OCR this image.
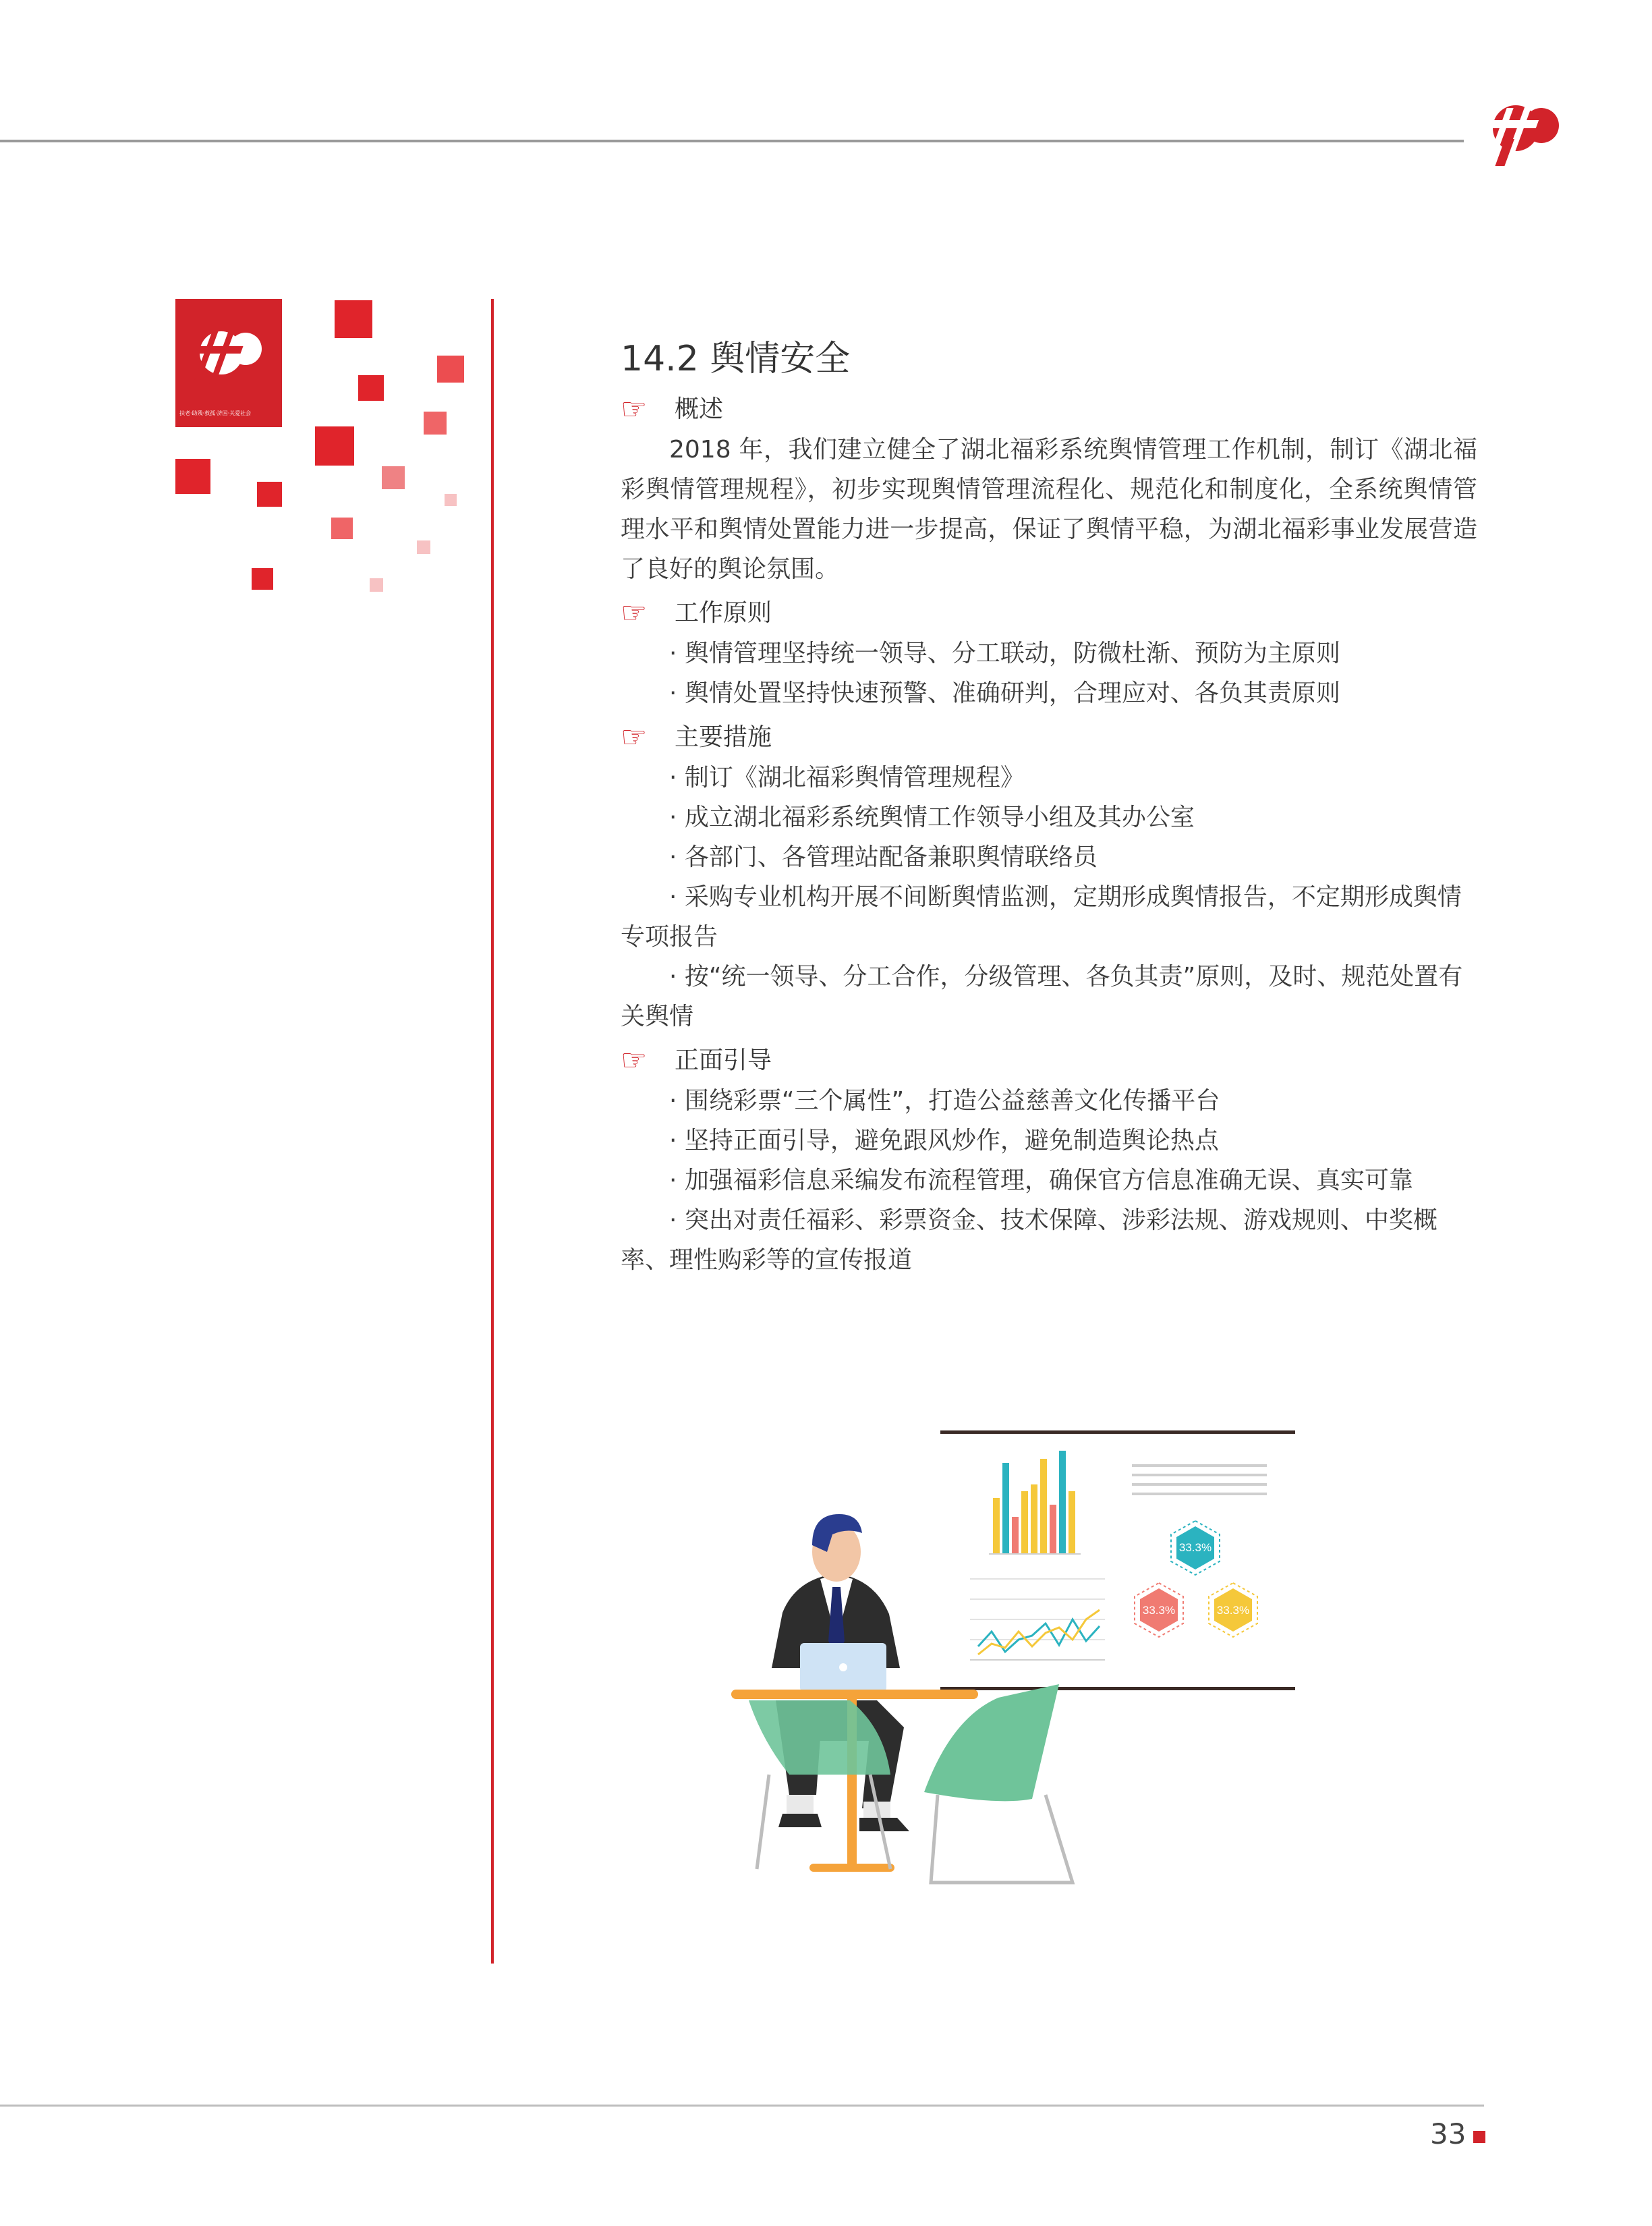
扶老·助残·救孤·济困·关爱社会
14.2 舆情安全
☞	概述

2018 年，我们建立健全了湖北福彩系统舆情管理工作机制，制订《湖北福彩舆情管理规程》，初步实现舆情管理流程化、规范化和制度化，全系统舆情管理水平和舆情处置能力进一步提高，保证了舆情平稳，为湖北福彩事业发展营造了良好的舆论氛围。

☞	工作原则

· 舆情管理坚持统一领导、分工联动，防微杜渐、预防为主原则

· 舆情处置坚持快速预警、准确研判，合理应对、各负其责原则

☞	主要措施

· 制订《湖北福彩舆情管理规程》

· 成立湖北福彩系统舆情工作领导小组及其办公室

· 各部门、各管理站配备兼职舆情联络员

· 采购专业机构开展不间断舆情监测，定期形成舆情报告，不定期形成舆情专项报告

· 按“统一领导、分工合作，分级管理、各负其责”原则，及时、规范处置有关舆情

☞	正面引导

· 围绕彩票“三个属性”，打造公益慈善文化传播平台

· 坚持正面引导，避免跟风炒作，避免制造舆论热点

· 加强福彩信息采编发布流程管理，确保官方信息准确无误、真实可靠

· 突出对责任福彩、彩票资金、技术保障、涉彩法规、游戏规则、中奖概率、理性购彩等的宣传报道

33.3%
33.3%	33.3%
33
